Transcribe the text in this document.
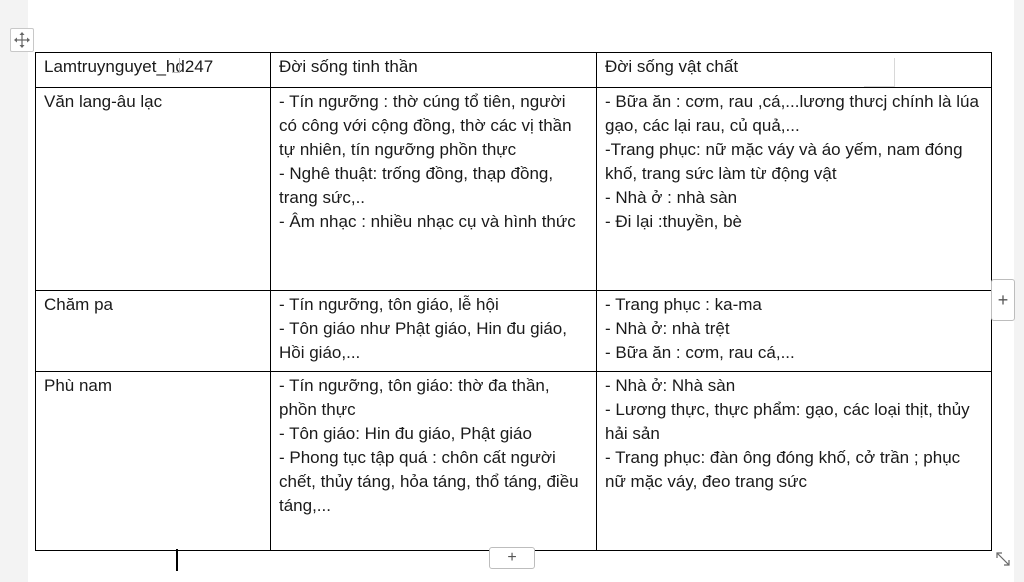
Lamtruynguyet_hd247	Đời sống tinh thần	Đời sống vật chất
Văn lang-âu lạc	- Tín ngưỡng : thờ cúng tổ tiên, người có công với cộng đồng, thờ các vị thần tự nhiên, tín ngưỡng phồn thực
- Nghê thuật: trống đồng, thạp đồng, trang sức,..
- Âm nhạc : nhiều nhạc cụ và hình thức	- Bữa ăn : cơm, rau ,cá,...lương thưcj chính là lúa gạo, các lại rau, củ quả,...
-Trang phục: nữ mặc váy và áo yếm, nam đóng khố, trang sức làm từ động vật
- Nhà ở : nhà sàn
- Đi lại :thuyền, bè
Chăm pa	- Tín ngưỡng, tôn giáo, lễ hội
- Tôn giáo như Phật giáo, Hin đu giáo, Hồi giáo,...	- Trang phục : ka-ma
- Nhà ở: nhà trệt
- Bữa ăn : cơm, rau cá,...
Phù nam	- Tín ngưỡng, tôn giáo: thờ đa thần, phồn thực
- Tôn giáo: Hin đu giáo, Phật giáo
- Phong tục tập quá : chôn cất người chết, thủy táng, hỏa táng, thổ táng, điều táng,...	- Nhà ở: Nhà sàn
- Lương thực, thực phẩm: gạo, các loại thịt, thủy hải sản
- Trang phục: đàn ông đóng khố, cở trần ; phục nữ mặc váy, đeo trang sức
+
+
